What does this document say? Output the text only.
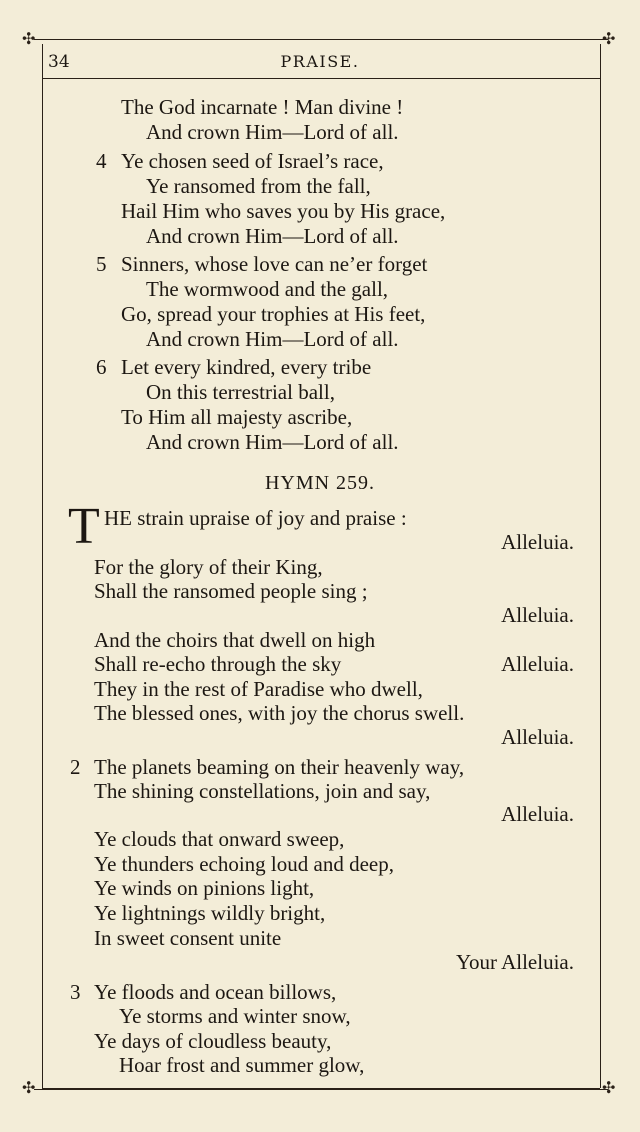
✣	✣
✣	✣
34	PRAISE.
The God incarnate ! Man divine !
And crown Him—Lord of all.
4 Ye chosen seed of Israel’s race,
Ye ransomed from the fall,
Hail Him who saves you by His grace,
And crown Him—Lord of all.
5 Sinners, whose love can ne’er forget
The wormwood and the gall,
Go, spread your trophies at His feet,
And crown Him—Lord of all.
6 Let every kindred, every tribe
On this terrestrial ball,
To Him all majesty ascribe,
And crown Him—Lord of all.
HYMN 259.
T HE strain upraise of joy and praise :
Alleluia.
For the glory of their King,
Shall the ransomed people sing ;
Alleluia.
And the choirs that dwell on high
Shall re-echo through the sky	Alleluia.
They in the rest of Paradise who dwell,
The blessed ones, with joy the chorus swell.
Alleluia.
2 The planets beaming on their heavenly way,
The shining constellations, join and say,
Alleluia.
Ye clouds that onward sweep,
Ye thunders echoing loud and deep,
Ye winds on pinions light,
Ye lightnings wildly bright,
In sweet consent unite
Your Alleluia.
3 Ye floods and ocean billows,
Ye storms and winter snow,
Ye days of cloudless beauty,
Hoar frost and summer glow,
